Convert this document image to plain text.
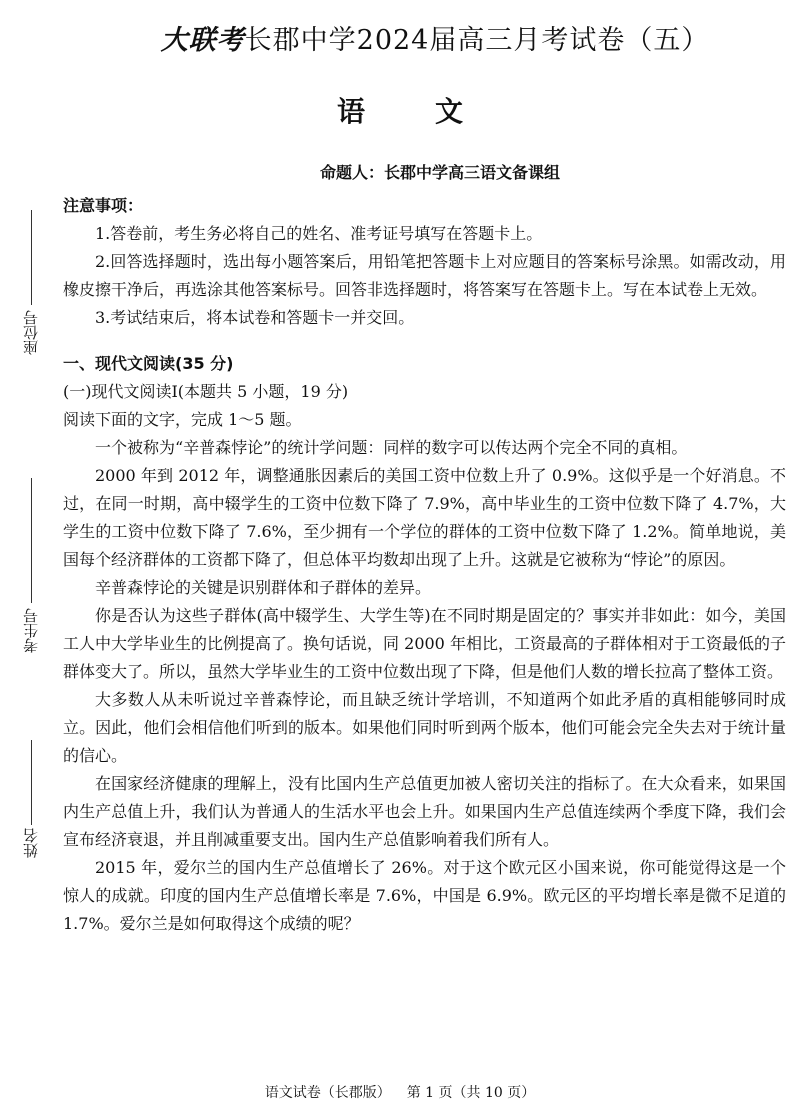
大联考长郡中学2024届高三月考试卷（五）
语	文
命题人：长郡中学高三语文备课组
座位号
考生号
姓名
注意事项：

1.答卷前，考生务必将自己的姓名、准考证号填写在答题卡上。

2.回答选择题时，选出每小题答案后，用铅笔把答题卡上对应题目的答案标号涂黑。如需改动，用橡皮擦干净后，再选涂其他答案标号。回答非选择题时，将答案写在答题卡上。写在本试卷上无效。

3.考试结束后，将本试卷和答题卡一并交回。

一、现代文阅读(35 分)

(一)现代文阅读Ⅰ(本题共 5 小题，19 分)

阅读下面的文字，完成 1～5 题。

一个被称为“辛普森悖论”的统计学问题：同样的数字可以传达两个完全不同的真相。

2000 年到 2012 年，调整通胀因素后的美国工资中位数上升了 0.9%。这似乎是一个好消息。不过，在同一时期，高中辍学生的工资中位数下降了 7.9%，高中毕业生的工资中位数下降了 4.7%，大学生的工资中位数下降了 7.6%，至少拥有一个学位的群体的工资中位数下降了 1.2%。简单地说，美国每个经济群体的工资都下降了，但总体平均数却出现了上升。这就是它被称为“悖论”的原因。

辛普森悖论的关键是识别群体和子群体的差异。

你是否认为这些子群体(高中辍学生、大学生等)在不同时期是固定的？事实并非如此：如今，美国工人中大学毕业生的比例提高了。换句话说，同 2000 年相比，工资最高的子群体相对于工资最低的子群体变大了。所以，虽然大学毕业生的工资中位数出现了下降，但是他们人数的增长拉高了整体工资。

大多数人从未听说过辛普森悖论，而且缺乏统计学培训，不知道两个如此矛盾的真相能够同时成立。因此，他们会相信他们听到的版本。如果他们同时听到两个版本，他们可能会完全失去对于统计量的信心。

在国家经济健康的理解上，没有比国内生产总值更加被人密切关注的指标了。在大众看来，如果国内生产总值上升，我们认为普通人的生活水平也会上升。如果国内生产总值连续两个季度下降，我们会宣布经济衰退，并且削减重要支出。国内生产总值影响着我们所有人。

2015 年，爱尔兰的国内生产总值增长了 26%。对于这个欧元区小国来说，你可能觉得这是一个惊人的成就。印度的国内生产总值增长率是 7.6%，中国是 6.9%。欧元区的平均增长率是微不足道的 1.7%。爱尔兰是如何取得这个成绩的呢？

语文试卷（长郡版） 第 1 页（共 10 页）
